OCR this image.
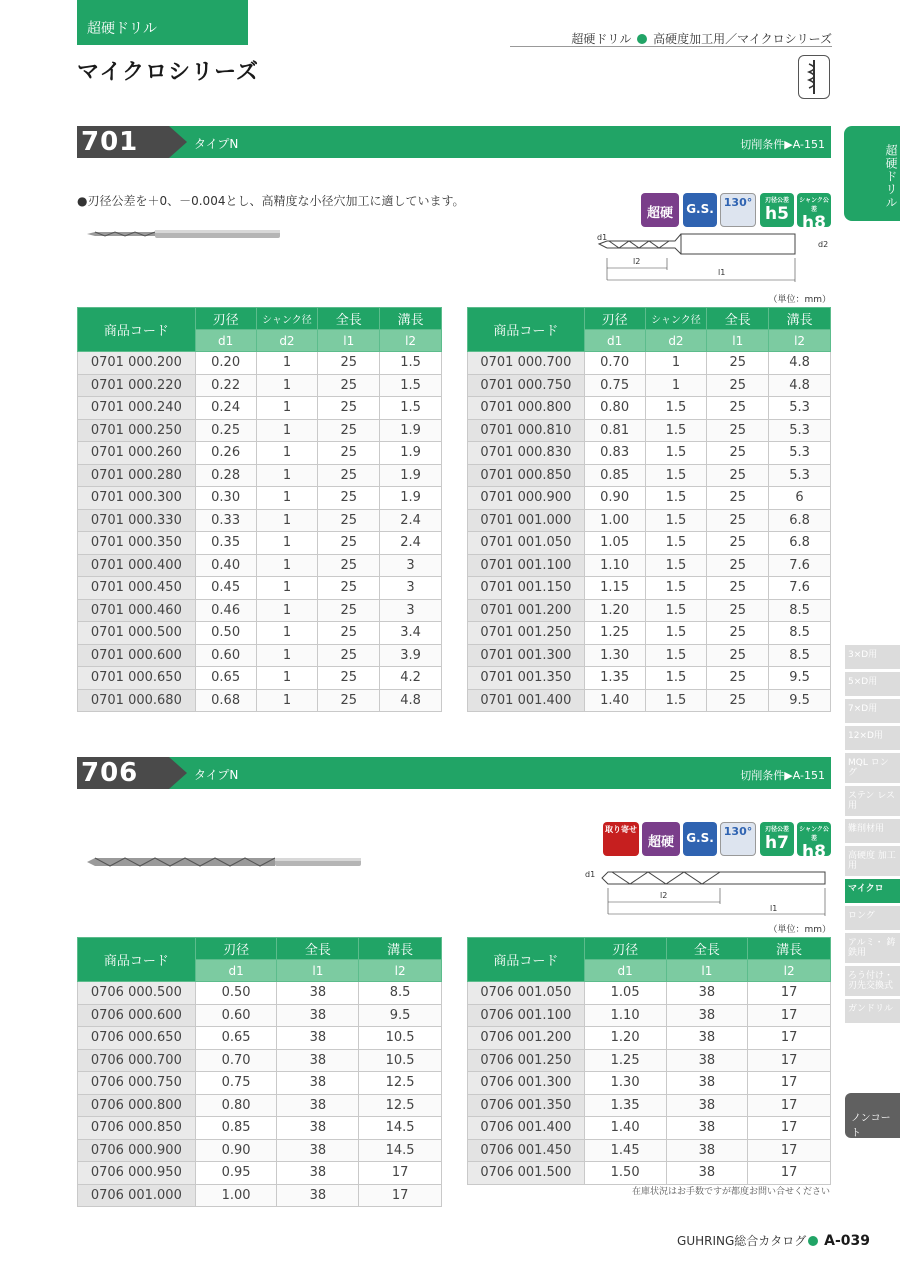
超硬ドリル
マイクロシリーズ
超硬ドリル 高硬度加工用／マイクロシリーズ
超硬ドリル
701	タイプN	切削条件▶A-151
●刃径公差を＋0、－0.004とし、高精度な小径穴加工に適しています。
超硬	G.S. 130°	刃径公差
h5
シャンク公差
h8
d1
d2
l2
l1
（単位：mm）
商品コード	刃径	シャンク径	全長	溝長
	d1	d2	l1	l2
0701 000.200	0.20	1	25	1.5
0701 000.220	0.22	1	25	1.5
0701 000.240	0.24	1	25	1.5
0701 000.250	0.25	1	25	1.9
0701 000.260	0.26	1	25	1.9
0701 000.280	0.28	1	25	1.9
0701 000.300	0.30	1	25	1.9
0701 000.330	0.33	1	25	2.4
0701 000.350	0.35	1	25	2.4
0701 000.400	0.40	1	25	3
0701 000.450	0.45	1	25	3
0701 000.460	0.46	1	25	3
0701 000.500	0.50	1	25	3.4
0701 000.600	0.60	1	25	3.9
0701 000.650	0.65	1	25	4.2
0701 000.680	0.68	1	25	4.8
商品コード	刃径	シャンク径	全長	溝長
	d1	d2	l1	l2
0701 000.700	0.70	1	25	4.8
0701 000.750	0.75	1	25	4.8
0701 000.800	0.80	1.5	25	5.3
0701 000.810	0.81	1.5	25	5.3
0701 000.830	0.83	1.5	25	5.3
0701 000.850	0.85	1.5	25	5.3
0701 000.900	0.90	1.5	25	6
0701 001.000	1.00	1.5	25	6.8
0701 001.050	1.05	1.5	25	6.8
0701 001.100	1.10	1.5	25	7.6
0701 001.150	1.15	1.5	25	7.6
0701 001.200	1.20	1.5	25	8.5
0701 001.250	1.25	1.5	25	8.5
0701 001.300	1.30	1.5	25	8.5
0701 001.350	1.35	1.5	25	9.5
0701 001.400	1.40	1.5	25	9.5
706	タイプN	切削条件▶A-151
取り寄せ
超硬	G.S. 130°	刃径公差
h7
シャンク公差
h8
d1
l2
l1
（単位：mm）
商品コード	刃径	全長	溝長
	d1	l1	l2
0706 000.500	0.50	38	8.5
0706 000.600	0.60	38	9.5
0706 000.650	0.65	38	10.5
0706 000.700	0.70	38	10.5
0706 000.750	0.75	38	12.5
0706 000.800	0.80	38	12.5
0706 000.850	0.85	38	14.5
0706 000.900	0.90	38	14.5
0706 000.950	0.95	38	17
0706 001.000	1.00	38	17
商品コード	刃径	全長	溝長
	d1	l1	l2
0706 001.050	1.05	38	17
0706 001.100	1.10	38	17
0706 001.200	1.20	38	17
0706 001.250	1.25	38	17
0706 001.300	1.30	38	17
0706 001.350	1.35	38	17
0706 001.400	1.40	38	17
0706 001.450	1.45	38	17
0706 001.500	1.50	38	17
在庫状況はお手数ですが都度お問い合せください
3×D用
5×D用
7×D用
12×D用
MQL ロング
ステン レス用
難削材用
高硬度 加工用
マイクロ
ロング
アルミ・ 鋳鉄用
ろう付け・ 刃先交換式
ガンドリル
ノンコート
GUHRING総合カタログ A-039
